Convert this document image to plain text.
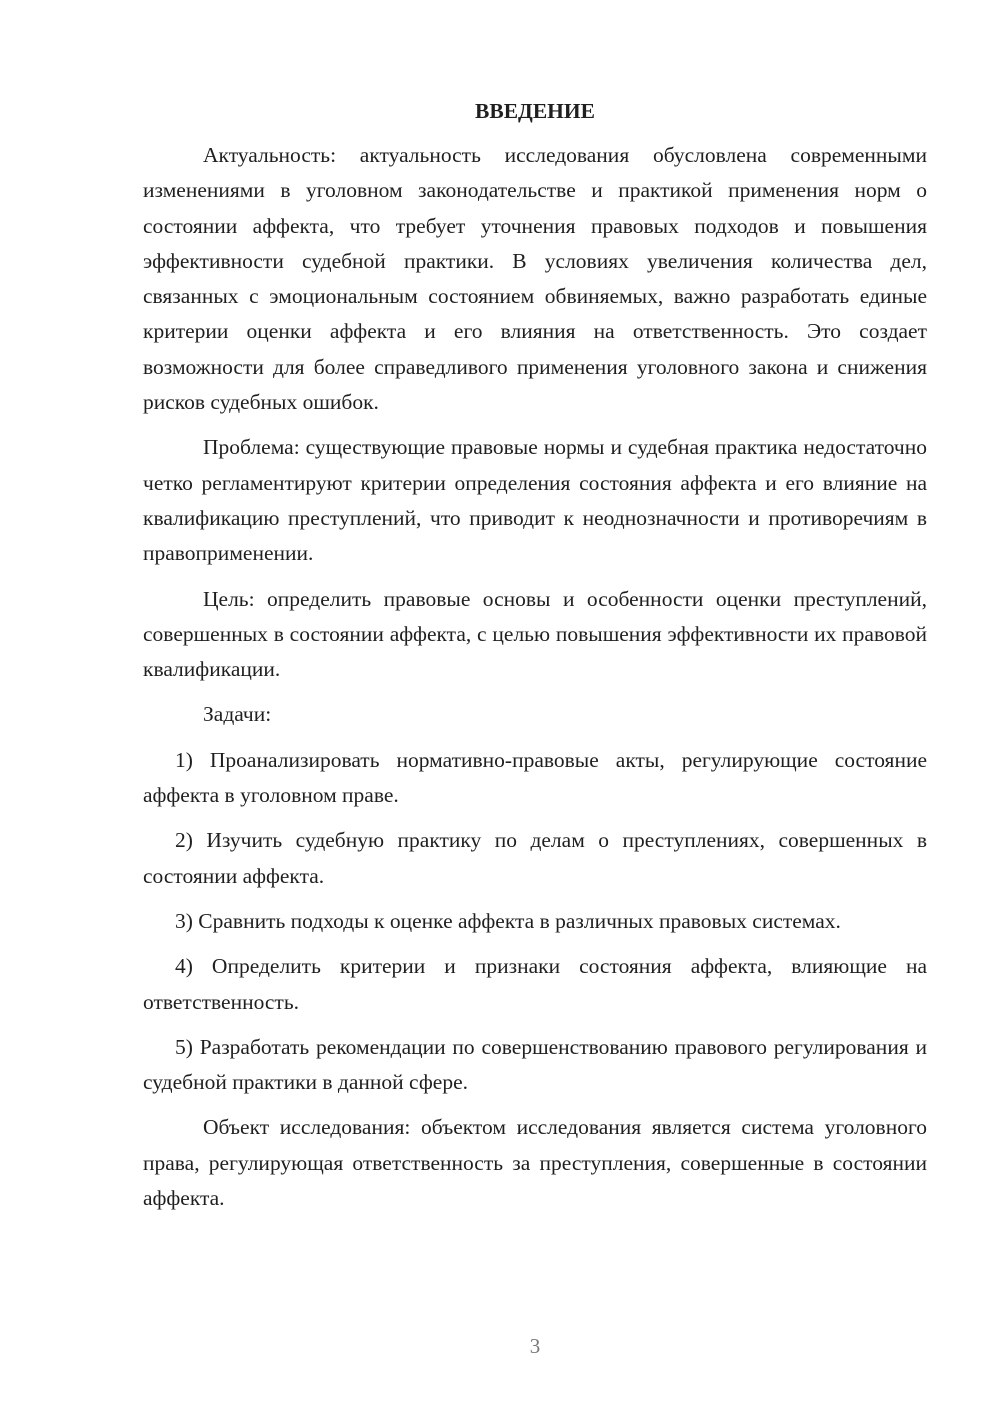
ВВЕДЕНИЕ

Актуальность: актуальность исследования обусловлена современными изменениями в уголовном законодательстве и практикой применения норм о состоянии аффекта, что требует уточнения правовых подходов и повышения эффективности судебной практики. В условиях увеличения количества дел, связанных с эмоциональным состоянием обвиняемых, важно разработать единые критерии оценки аффекта и его влияния на ответственность. Это создает возможности для более справедливого применения уголовного закона и снижения рисков судебных ошибок.

Проблема: существующие правовые нормы и судебная практика недостаточно четко регламентируют критерии определения состояния аффекта и его влияние на квалификацию преступлений, что приводит к неоднозначности и противоречиям в правоприменении.

Цель: определить правовые основы и особенности оценки преступлений, совершенных в состоянии аффекта, с целью повышения эффективности их правовой квалификации.

Задачи:

1) Проанализировать нормативно-правовые акты, регулирующие состояние аффекта в уголовном праве.

2) Изучить судебную практику по делам о преступлениях, совершенных в состоянии аффекта.

3) Сравнить подходы к оценке аффекта в различных правовых системах.

4) Определить критерии и признаки состояния аффекта, влияющие на ответственность.

5) Разработать рекомендации по совершенствованию правового регулирования и судебной практики в данной сфере.

Объект исследования: объектом исследования является система уголовного права, регулирующая ответственность за преступления, совершенные в состоянии аффекта.

3
